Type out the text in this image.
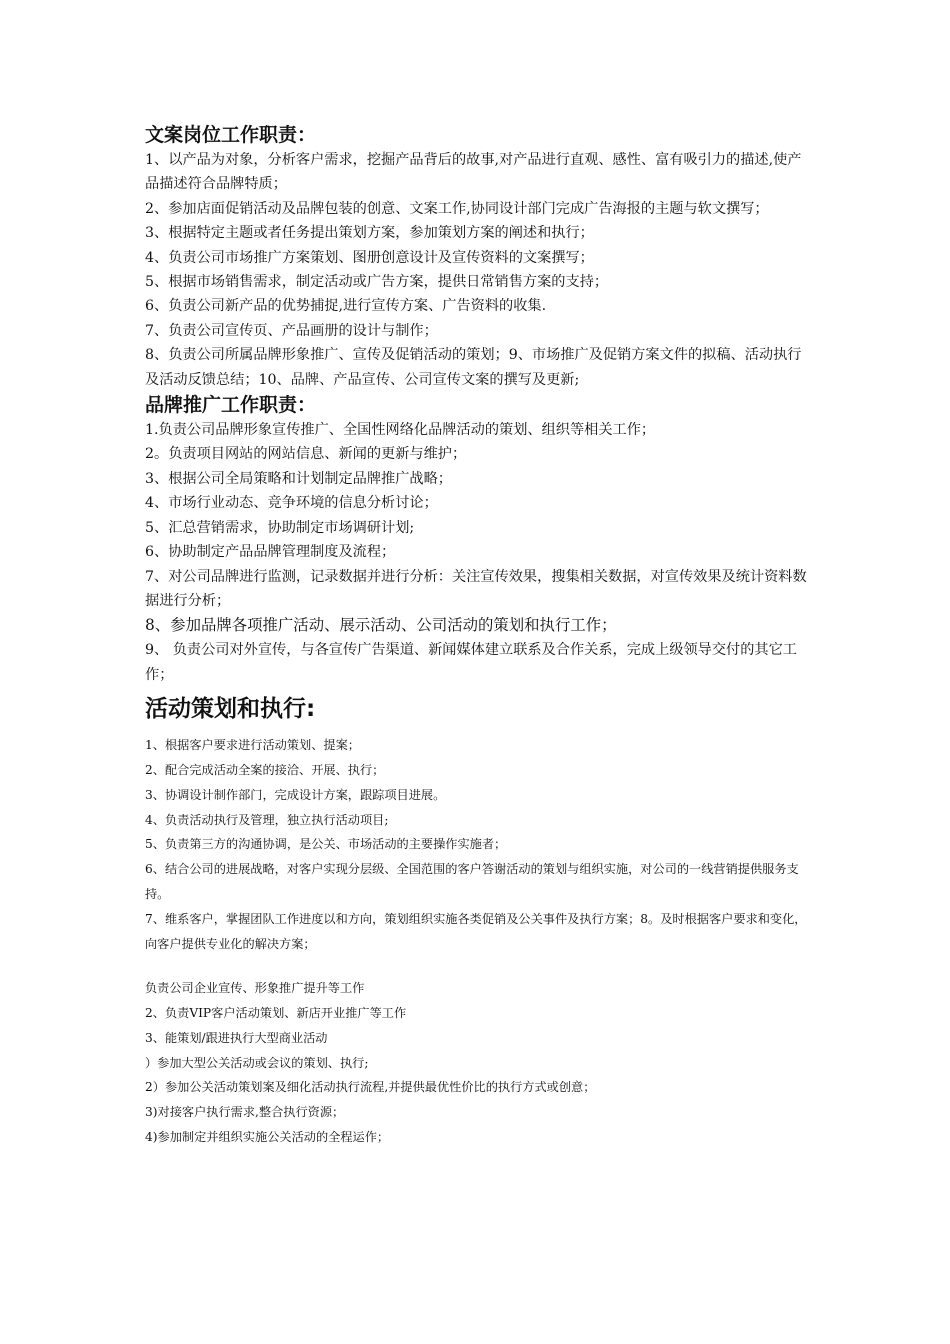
文案岗位工作职责：

1、以产品为对象，分析客户需求，挖掘产品背后的故事,对产品进行直观、感性、富有吸引力的描述,使产品描述符合品牌特质；

2、参加店面促销活动及品牌包装的创意、文案工作,协同设计部门完成广告海报的主题与软文撰写；

3、根据特定主题或者任务提出策划方案，参加策划方案的阐述和执行；

4、负责公司市场推广方案策划、图册创意设计及宣传资料的文案撰写；

5、根据市场销售需求，制定活动或广告方案，提供日常销售方案的支持；

6、负责公司新产品的优势捕捉,进行宣传方案、广告资料的收集.

7、负责公司宣传页、产品画册的设计与制作；

8、负责公司所属品牌形象推广、宣传及促销活动的策划；9、市场推广及促销方案文件的拟稿、活动执行及活动反馈总结；10、品牌、产品宣传、公司宣传文案的撰写及更新;

品牌推广工作职责：

1.负责公司品牌形象宣传推广、全国性网络化品牌活动的策划、组织等相关工作；

2。负责项目网站的网站信息、新闻的更新与维护；

3、根据公司全局策略和计划制定品牌推广战略；

4、市场行业动态、竞争环境的信息分析讨论；

5、汇总营销需求，协助制定市场调研计划;

6、协助制定产品品牌管理制度及流程；

7、对公司品牌进行监测，记录数据并进行分析：关注宣传效果，搜集相关数据，对宣传效果及统计资料数据进行分析；

8、参加品牌各项推广活动、展示活动、公司活动的策划和执行工作；

9、 负责公司对外宣传，与各宣传广告渠道、新闻媒体建立联系及合作关系，完成上级领导交付的其它工作；

活动策划和执行:

1、根据客户要求进行活动策划、提案；

2、配合完成活动全案的接洽、开展、执行；

3、协调设计制作部门，完成设计方案，跟踪项目进展。

4、负责活动执行及管理，独立执行活动项目;

5、负责第三方的沟通协调，是公关、市场活动的主要操作实施者；

6、结合公司的进展战略，对客户实现分层级、全国范围的客户答谢活动的策划与组织实施，对公司的一线营销提供服务支持。

7、维系客户，掌握团队工作进度以和方向，策划组织实施各类促销及公关事件及执行方案；8。及时根据客户要求和变化，向客户提供专业化的解决方案；

负责公司企业宣传、形象推广提升等工作

2、负责VIP客户活动策划、新店开业推广等工作

3、能策划/跟进执行大型商业活动

）参加大型公关活动或会议的策划、执行;

2）参加公关活动策划案及细化活动执行流程,并提供最优性价比的执行方式或创意；

3)对接客户执行需求,整合执行资源；

4)参加制定并组织实施公关活动的全程运作；
